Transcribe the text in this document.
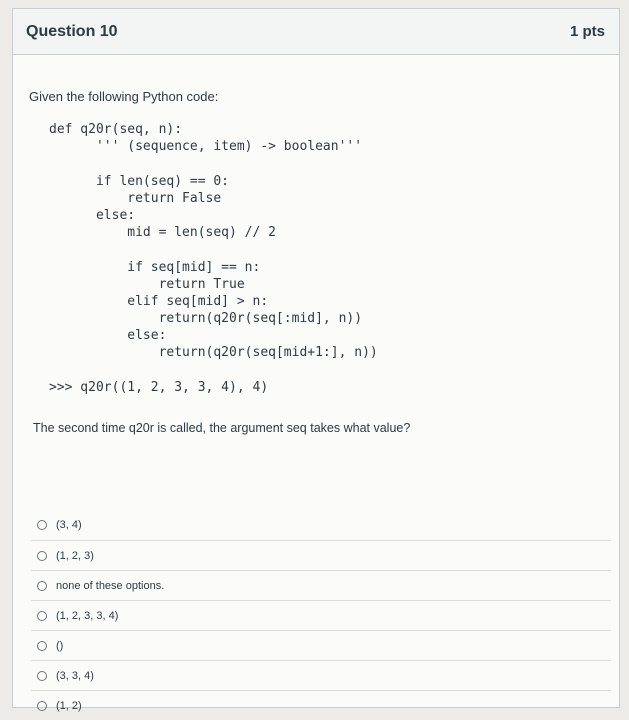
Question 10	1 pts
Given the following Python code:
def q20r(seq, n):
''' (sequence, item) -> boolean'''
if len(seq) == 0:
return False
else:
mid = len(seq) // 2
if seq[mid] == n:
return True
elif seq[mid] > n:
return(q20r(seq[:mid], n))
else:
return(q20r(seq[mid+1:], n))
>>> q20r((1, 2, 3, 3, 4), 4)
The second time q20r is called, the argument seq takes what value?
(3, 4)
(1, 2, 3)
none of these options.
(1, 2, 3, 3, 4)
()
(3, 3, 4)
(1, 2)
